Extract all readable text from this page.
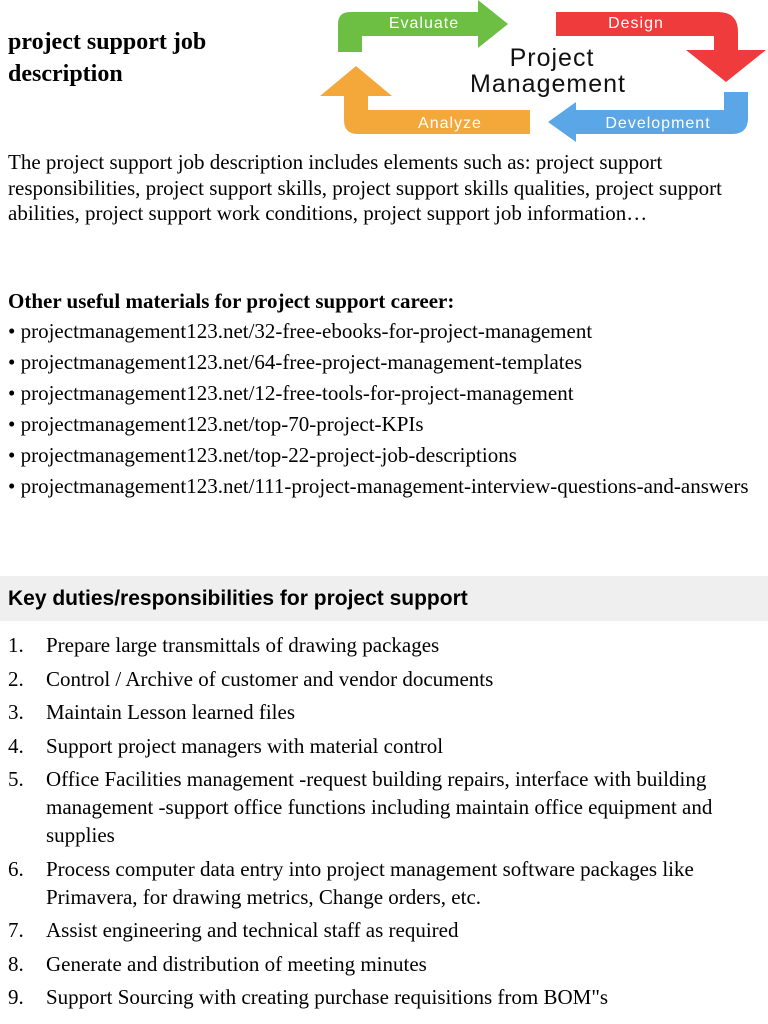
project support job description
Evaluate	Design
Development
Analyze
Project
Management

The project support job description includes elements such as: project support responsibilities, project support skills, project support skills qualities, project support abilities, project support work conditions, project support job information…

Other useful materials for project support career:

• projectmanagement123.net/32-free-ebooks-for-project-management
• projectmanagement123.net/64-free-project-management-templates
• projectmanagement123.net/12-free-tools-for-project-management
• projectmanagement123.net/top-70-project-KPIs
• projectmanagement123.net/top-22-project-job-descriptions
• projectmanagement123.net/111-project-management-interview-questions-and-answers
Key duties/responsibilities for project support
1.	Prepare large transmittals of drawing packages
2.	Control / Archive of customer and vendor documents
3.	Maintain Lesson learned files
4.	Support project managers with material control
5.	Office Facilities management -request building repairs, interface with building management -support office functions including maintain office equipment and supplies
6.	Process computer data entry into project management software packages like Primavera, for drawing metrics, Change orders, etc.
7.	Assist engineering and technical staff as required
8.	Generate and distribution of meeting minutes
9.	Support Sourcing with creating purchase requisitions from BOM"s
